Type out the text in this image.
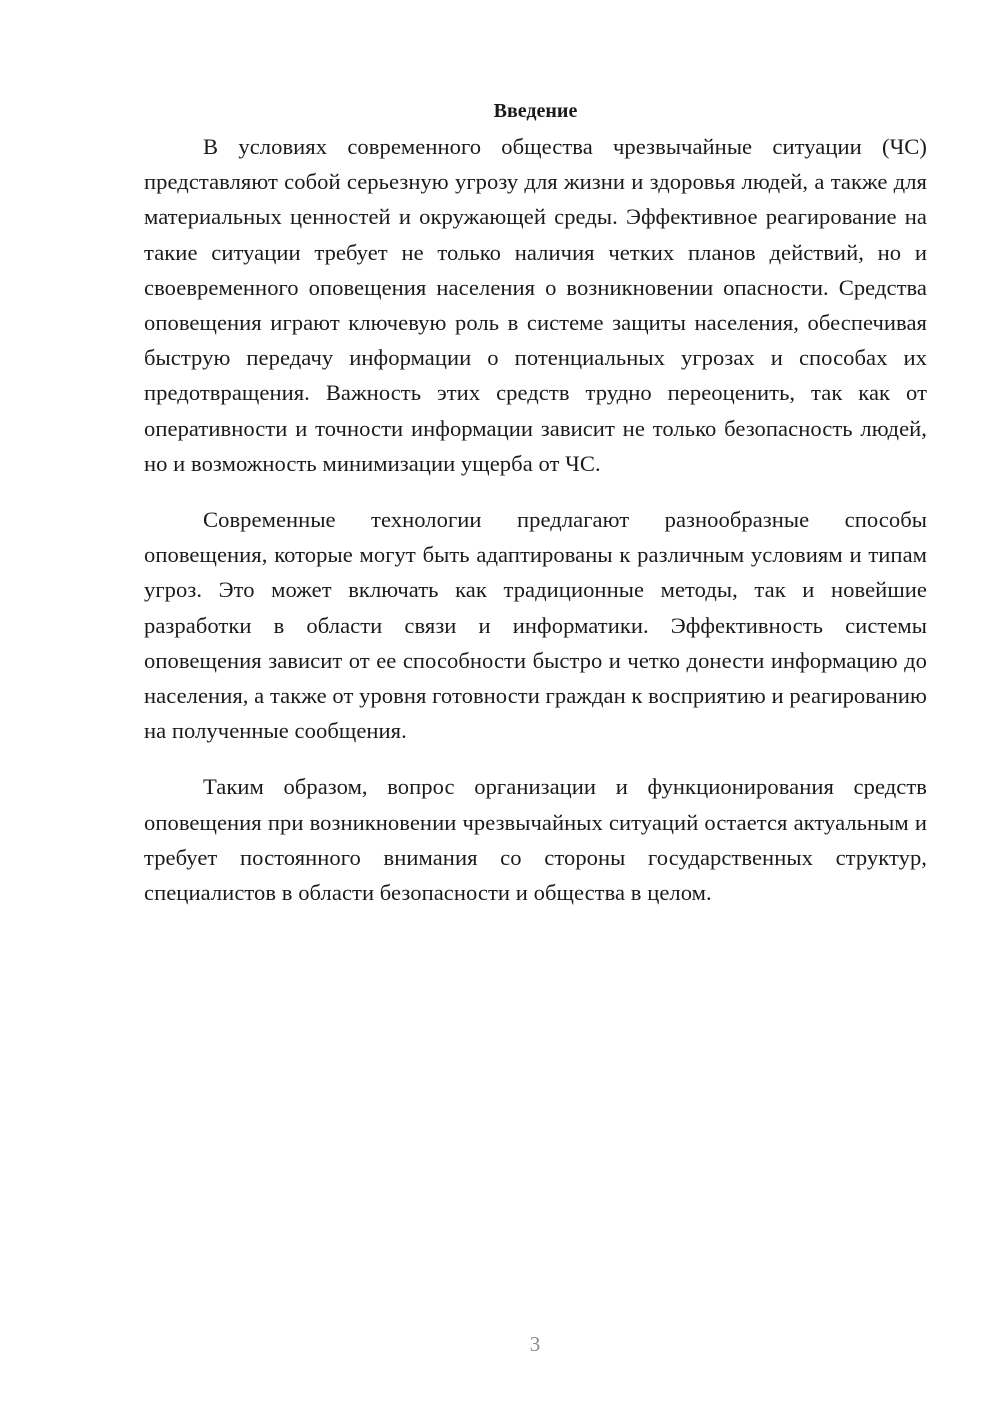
Введение

В условиях современного общества чрезвычайные ситуации (ЧС) представляют собой серьезную угрозу для жизни и здоровья людей, а также для материальных ценностей и окружающей среды. Эффективное реагирование на такие ситуации требует не только наличия четких планов действий, но и своевременного оповещения населения о возникновении опасности. Средства оповещения играют ключевую роль в системе защиты населения, обеспечивая быструю передачу информации о потенциальных угрозах и способах их предотвращения. Важность этих средств трудно переоценить, так как от оперативности и точности информации зависит не только безопасность людей, но и возможность минимизации ущерба от ЧС.

Современные технологии предлагают разнообразные способы оповещения, которые могут быть адаптированы к различным условиям и типам угроз. Это может включать как традиционные методы, так и новейшие разработки в области связи и информатики. Эффективность системы оповещения зависит от ее способности быстро и четко донести информацию до населения, а также от уровня готовности граждан к восприятию и реагированию на полученные сообщения.

Таким образом, вопрос организации и функционирования средств оповещения при возникновении чрезвычайных ситуаций остается актуальным и требует постоянного внимания со стороны государственных структур, специалистов в области безопасности и общества в целом.

3
